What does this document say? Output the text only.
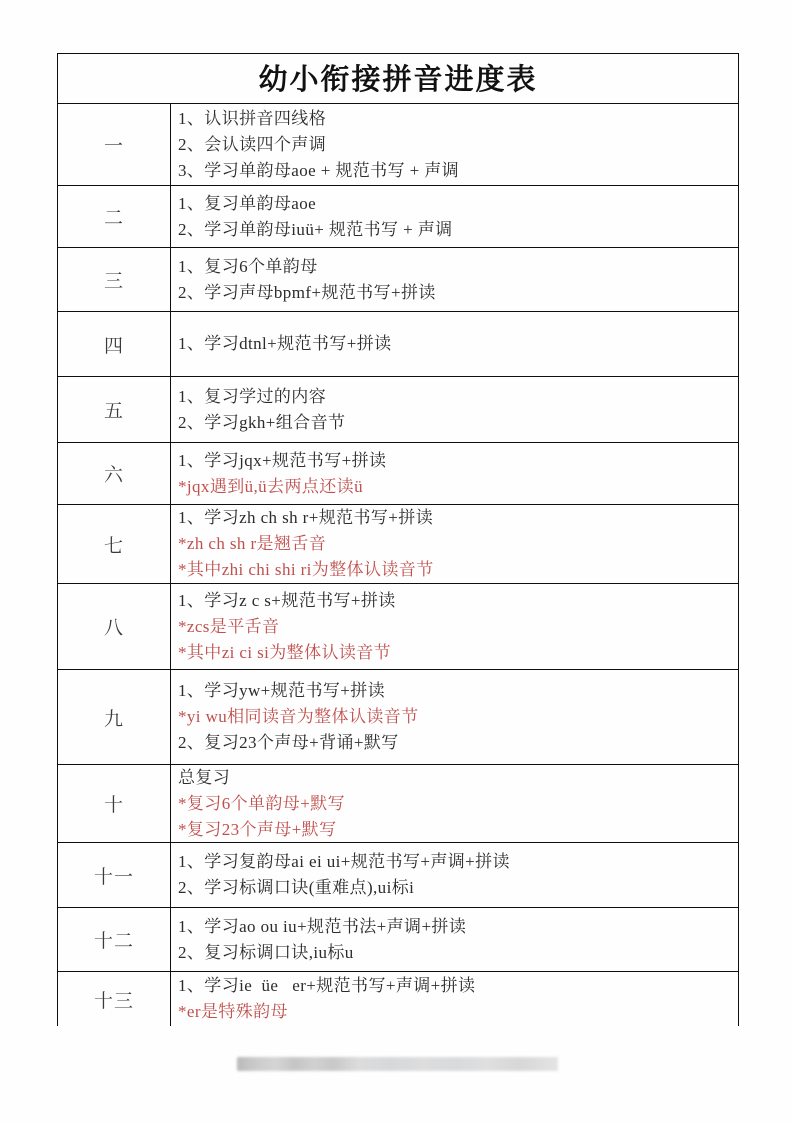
幼小衔接拼音进度表
一
1、认识拼音四线格
2、会认读四个声调
3、学习单韵母aoe + 规范书写 + 声调
二
1、复习单韵母aoe
2、学习单韵母iuü+ 规范书写 + 声调
三
1、复习6个单韵母
2、学习声母bpmf+规范书写+拼读
四	1、学习dtnl+规范书写+拼读
五
1、复习学过的内容
2、学习gkh+组合音节
六
1、学习jqx+规范书写+拼读
*jqx遇到ü,ü去两点还读ü
七
1、学习zh ch sh r+规范书写+拼读
*zh ch sh r是翘舌音
*其中zhi chi shi ri为整体认读音节
八
1、学习z c s+规范书写+拼读
*zcs是平舌音
*其中zi ci si为整体认读音节
九
1、学习yw+规范书写+拼读
*yi wu相同读音为整体认读音节
2、复习23个声母+背诵+默写
十
总复习
*复习6个单韵母+默写
*复习23个声母+默写
十一
1、学习复韵母ai ei ui+规范书写+声调+拼读
2、学习标调口诀(重难点),ui标i
十二
1、学习ao ou iu+规范书法+声调+拼读
2、复习标调口诀,iu标u
十三
1、学习ie  üe   er+规范书写+声调+拼读
*er是特殊韵母
